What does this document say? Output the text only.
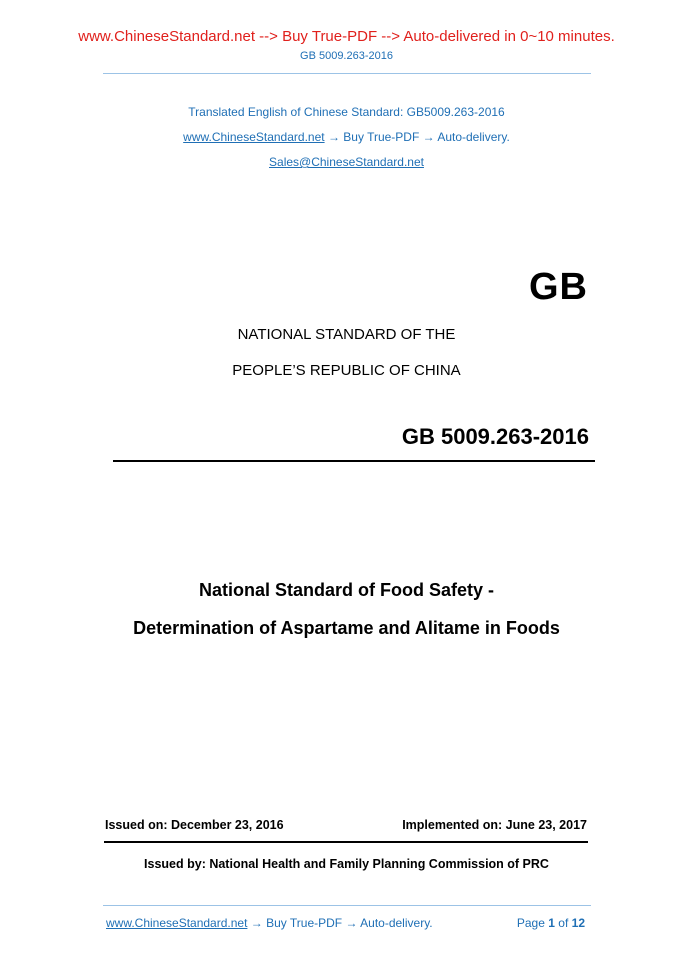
www.ChineseStandard.net --> Buy True-PDF --> Auto-delivered in 0~10 minutes.
GB 5009.263-2016
Translated English of Chinese Standard: GB5009.263-2016
www.ChineseStandard.net → Buy True-PDF → Auto-delivery.
Sales@ChineseStandard.net
GB
NATIONAL STANDARD OF THE
PEOPLE’S REPUBLIC OF CHINA
GB 5009.263-2016
National Standard of Food Safety -
Determination of Aspartame and Alitame in Foods
Issued on: December 23, 2016	Implemented on: June 23, 2017
Issued by: National Health and Family Planning Commission of PRC
www.ChineseStandard.net → Buy True-PDF → Auto-delivery.	Page 1 of 12
